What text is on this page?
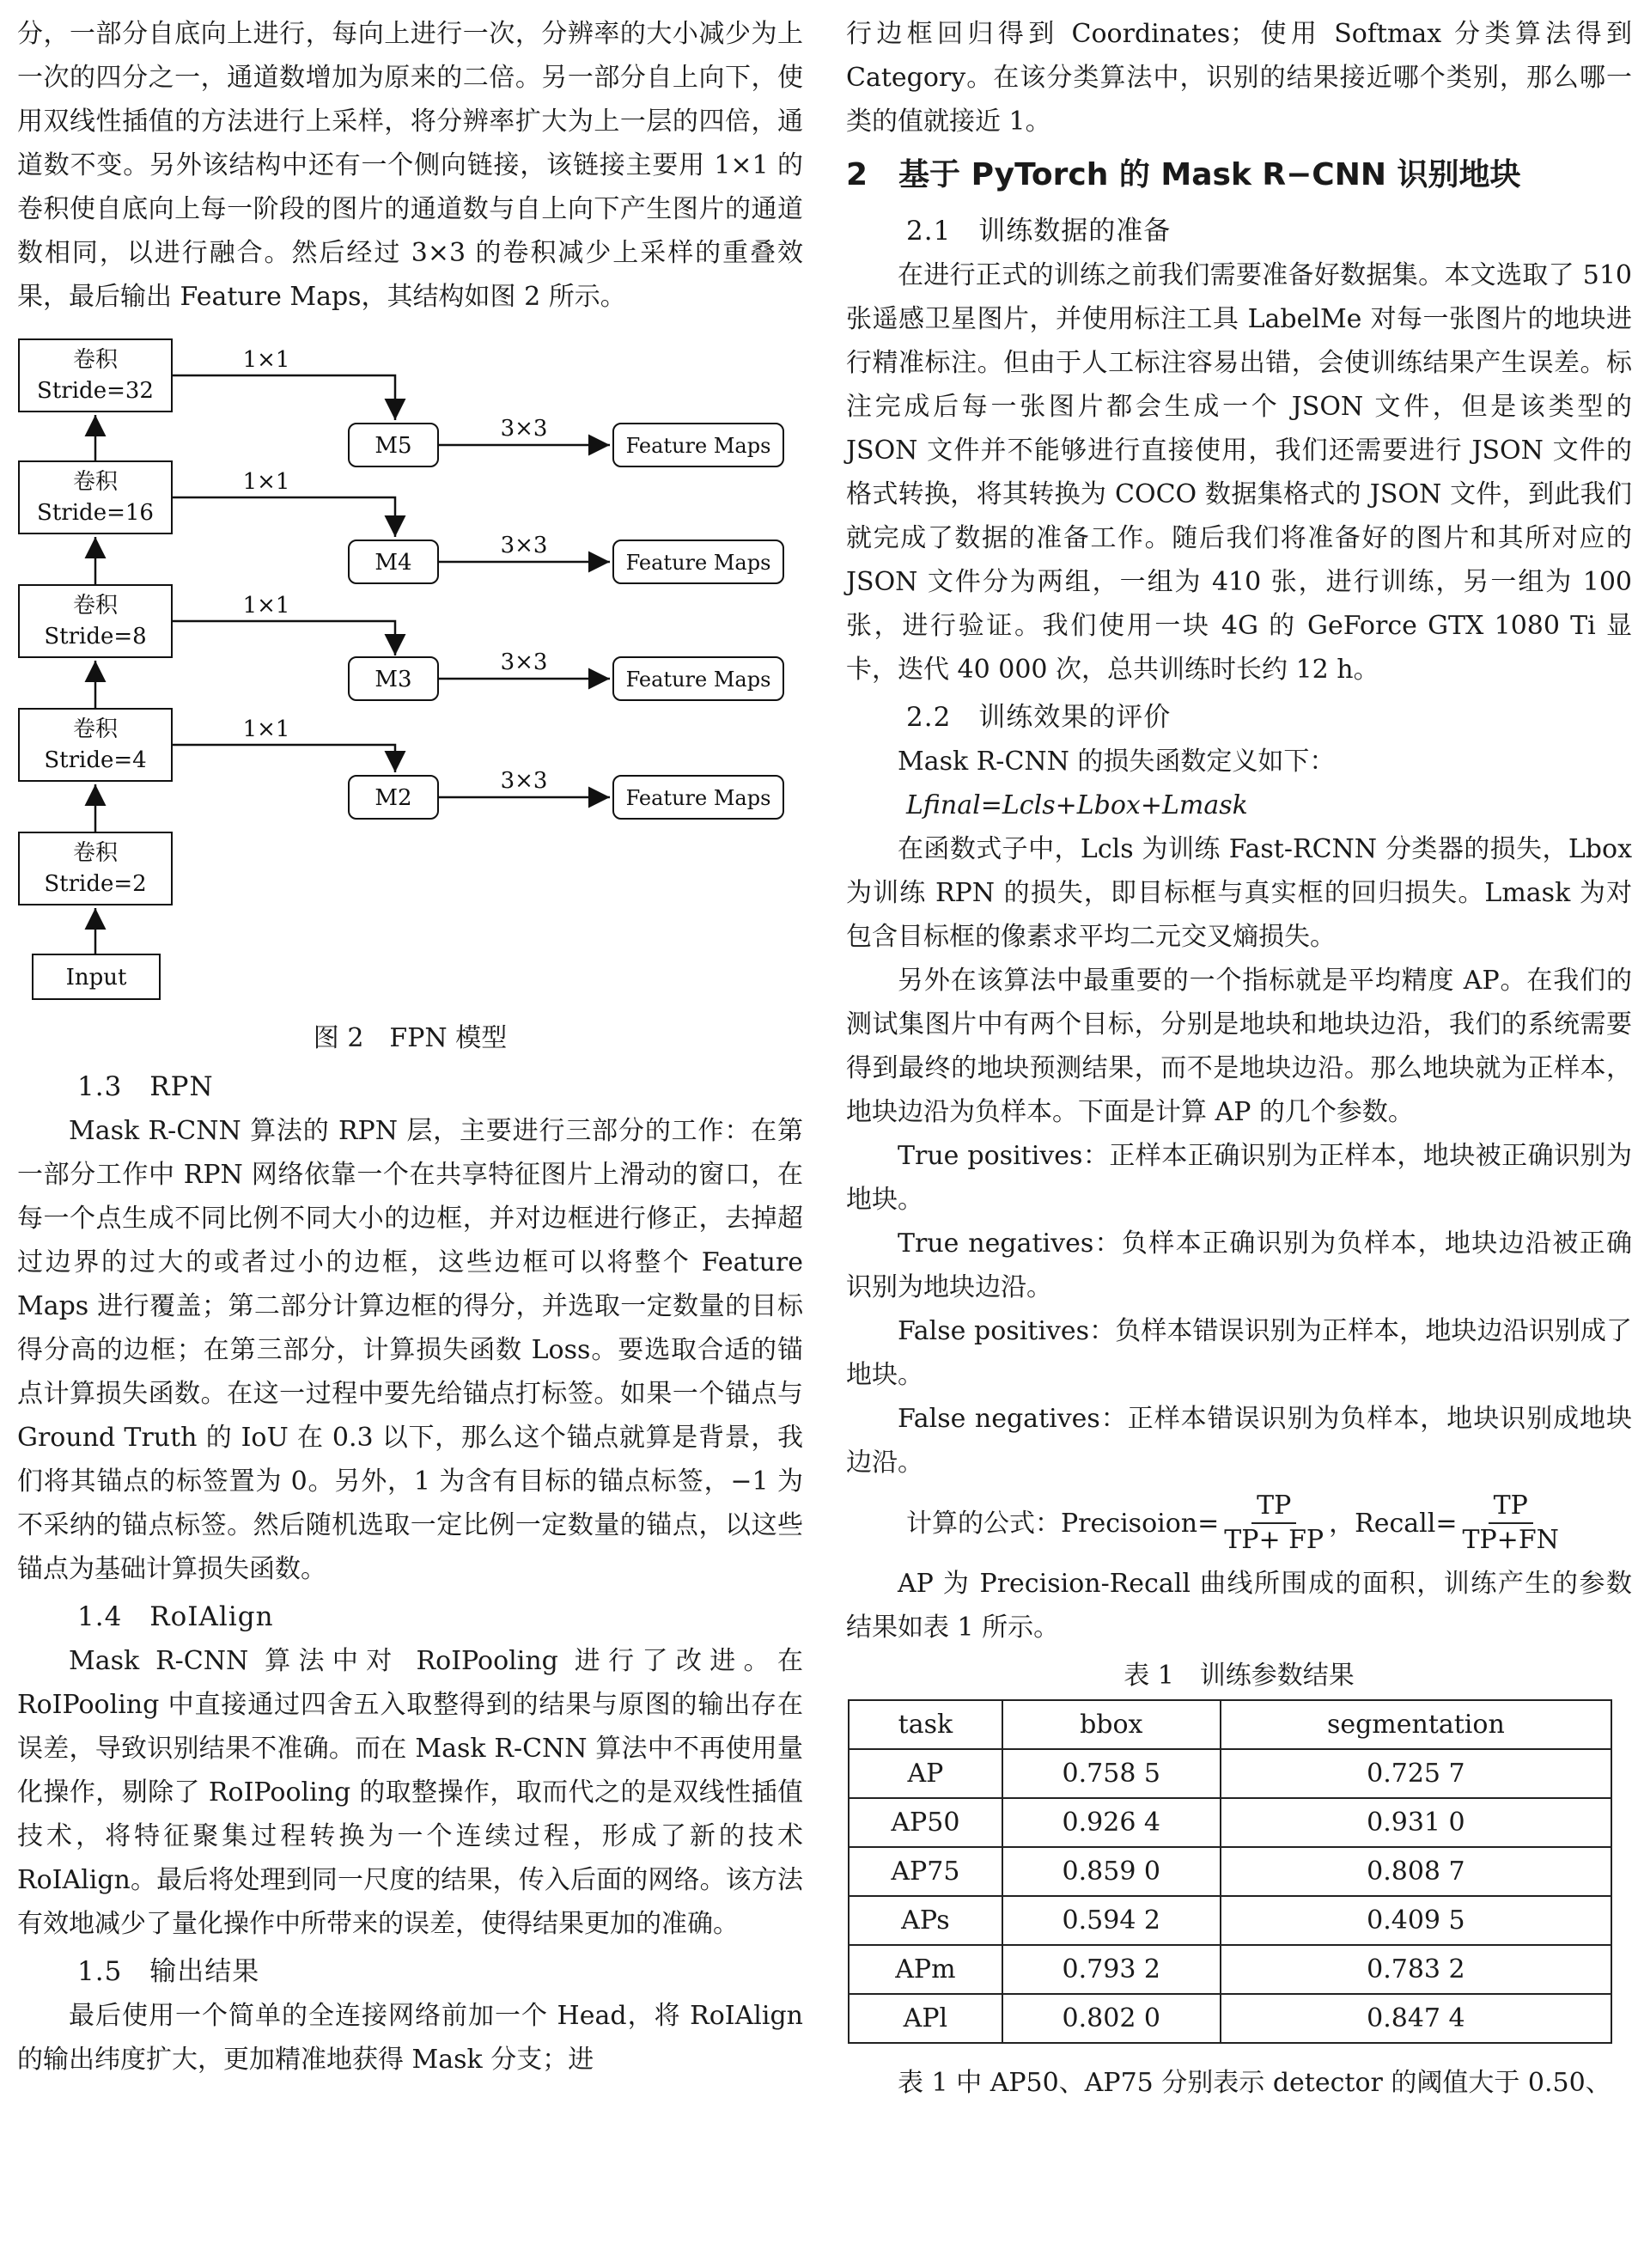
分，一部分自底向上进行，每向上进行一次，分辨率的大小减少为上一次的四分之一，通道数增加为原来的二倍。另一部分自上向下，使用双线性插值的方法进行上采样，将分辨率扩大为上一层的四倍，通道数不变。另外该结构中还有一个侧向链接，该链接主要用 1×1 的卷积使自底向上每一阶段的图片的通道数与自上向下产生图片的通道数相同，以进行融合。然后经过 3×3 的卷积减少上采样的重叠效果，最后输出 Feature Maps，其结构如图 2 所示。

卷积
Stride=32
卷积
Stride=16
卷积
Stride=8
卷积
Stride=4
卷积
Stride=2
Input
1×1
1×1
1×1
1×1
M5
M4
M3
M2
3×3
3×3
3×3
3×3
Feature Maps
Feature Maps
Feature Maps
Feature Maps
图 2　FPN 模型
1.3　RPN

Mask R-CNN 算法的 RPN 层，主要进行三部分的工作：在第一部分工作中 RPN 网络依靠一个在共享特征图片上滑动的窗口，在每一个点生成不同比例不同大小的边框，并对边框进行修正，去掉超过边界的过大的或者过小的边框，这些边框可以将整个 Feature Maps 进行覆盖；第二部分计算边框的得分，并选取一定数量的目标得分高的边框；在第三部分，计算损失函数 Loss。要选取合适的锚点计算损失函数。在这一过程中要先给锚点打标签。如果一个锚点与 Ground Truth 的 IoU 在 0.3 以下，那么这个锚点就算是背景，我们将其锚点的标签置为 0。另外，1 为含有目标的锚点标签，−1 为不采纳的锚点标签。然后随机选取一定比例一定数量的锚点，以这些锚点为基础计算损失函数。

1.4　RoIAlign

Mask R-CNN 算法中对 RoIPooling 进行了改进。在 RoIPooling 中直接通过四舍五入取整得到的结果与原图的输出存在误差，导致识别结果不准确。而在 Mask R-CNN 算法中不再使用量化操作，剔除了 RoIPooling 的取整操作，取而代之的是双线性插值技术，将特征聚集过程转换为一个连续过程，形成了新的技术 RoIAlign。最后将处理到同一尺度的结果，传入后面的网络。该方法有效地减少了量化操作中所带来的误差，使得结果更加的准确。

1.5　输出结果

最后使用一个简单的全连接网络前加一个 Head，将 RoIAlign 的输出纬度扩大，更加精准地获得 Mask 分支；进

行边框回归得到 Coordinates；使用 Softmax 分类算法得到 Category。在该分类算法中，识别的结果接近哪个类别，那么哪一类的值就接近 1。

2　基于 PyTorch 的 Mask R−CNN 识别地块
2.1　训练数据的准备

在进行正式的训练之前我们需要准备好数据集。本文选取了 510 张遥感卫星图片，并使用标注工具 LabelMe 对每一张图片的地块进行精准标注。但由于人工标注容易出错，会使训练结果产生误差。标注完成后每一张图片都会生成一个 JSON 文件，但是该类型的 JSON 文件并不能够进行直接使用，我们还需要进行 JSON 文件的格式转换，将其转换为 COCO 数据集格式的 JSON 文件，到此我们就完成了数据的准备工作。随后我们将准备好的图片和其所对应的 JSON 文件分为两组，一组为 410 张，进行训练，另一组为 100 张，进行验证。我们使用一块 4G 的 GeForce GTX 1080 Ti 显卡，迭代 40 000 次，总共训练时长约 12 h。

2.2　训练效果的评价

Mask R-CNN 的损失函数定义如下：

Lfinal=Lcls+Lbox+Lmask

在函数式子中，Lcls 为训练 Fast-RCNN 分类器的损失，Lbox 为训练 RPN 的损失，即目标框与真实框的回归损失。Lmask 为对包含目标框的像素求平均二元交叉熵损失。

另外在该算法中最重要的一个指标就是平均精度 AP。在我们的测试集图片中有两个目标，分别是地块和地块边沿，我们的系统需要得到最终的地块预测结果，而不是地块边沿。那么地块就为正样本，地块边沿为负样本。下面是计算 AP 的几个参数。

True positives：正样本正确识别为正样本，地块被正确识别为地块。

True negatives：负样本正确识别为负样本，地块边沿被正确识别为地块边沿。

False positives：负样本错误识别为正样本，地块边沿识别成了地块。

False negatives：正样本错误识别为负样本，地块识别成地块边沿。

计算的公式： Precisoion= $\frac{TP}{TP+ FP}$ ， Recall= $\frac{TP}{TP+FN}$

AP 为 Precision-Recall 曲线所围成的面积，训练产生的参数结果如表 1 所示。

表 1　训练参数结果
task	bbox	segmentation
AP	0.758 5	0.725 7
AP50	0.926 4	0.931 0
AP75	0.859 0	0.808 7
APs	0.594 2	0.409 5
APm	0.793 2	0.783 2
APl	0.802 0	0.847 4

表 1 中 AP50、AP75 分别表示 detector 的阈值大于 0.50、
